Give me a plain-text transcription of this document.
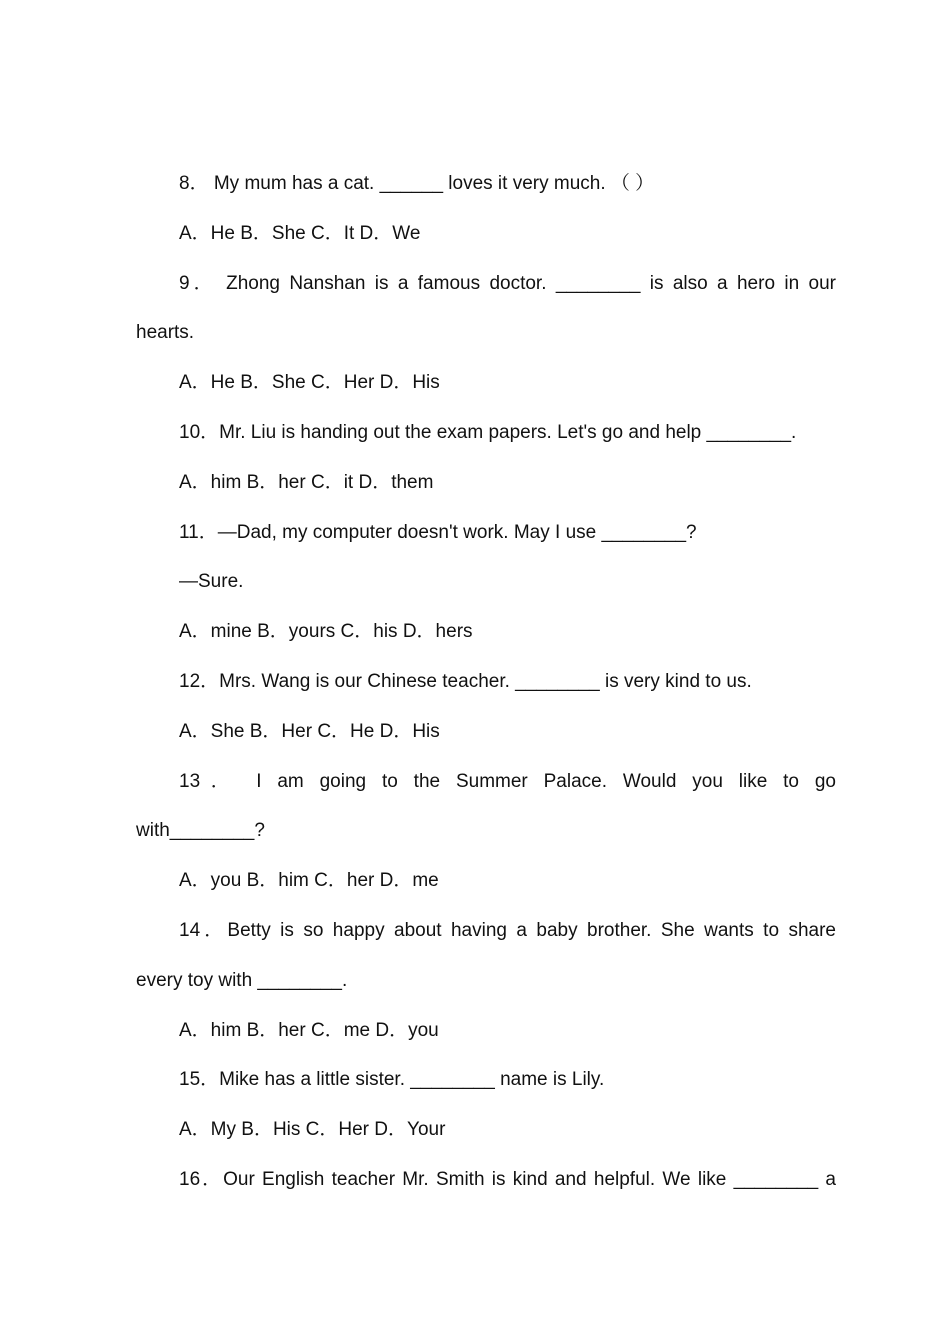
8． My mum has a cat. ______ loves it very much. （ ）

A．He B．She C．It D．We

9． Zhong Nanshan is a famous doctor. ________ is also a hero in our

hearts.

A．He B．She C．Her D．His

10．Mr. Liu is handing out the exam papers. Let's go and help ________.

A．him B．her C．it D．them

11．—Dad, my computer doesn't work. May I use ________?

—Sure.

A．mine B．yours C．his D．hers

12．Mrs. Wang is our Chinese teacher. ________ is very kind to us.

A．She B．Her C．He D．His

13． I am going to the Summer Palace. Would you like to go

with________?

A．you B．him C．her D．me

14．Betty is so happy about having a baby brother. She wants to share

every toy with ________.

A．him B．her C．me D．you

15．Mike has a little sister. ________ name is Lily.

A．My B．His C．Her D．Your

16．Our English teacher Mr. Smith is kind and helpful. We like ________ a
